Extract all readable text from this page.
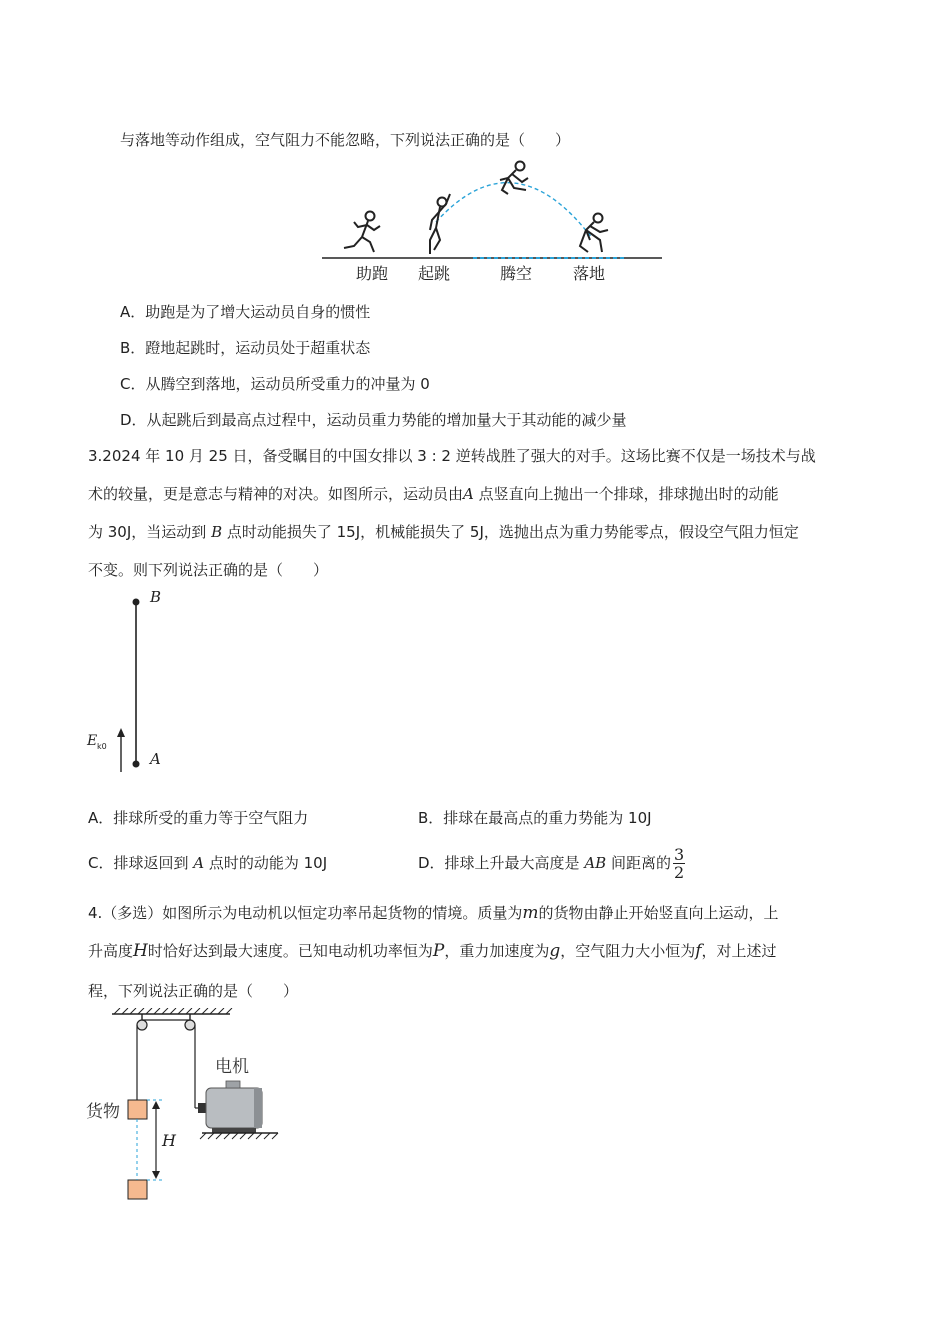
与落地等动作组成，空气阻力不能忽略，下列说法正确的是（　　）
助跑 起跳	腾空	落地
A．助跑是为了增大运动员自身的惯性
B．蹬地起跳时，运动员处于超重状态
C．从腾空到落地，运动员所受重力的冲量为 0
D．从起跳后到最高点过程中，运动员重力势能的增加量大于其动能的减少量
3.2024 年 10 月 25 日，备受瞩目的中国女排以 3 : 2 逆转战胜了强大的对手。这场比赛不仅是一场技术与战
术的较量，更是意志与精神的对决。如图所示，运动员由A 点竖直向上抛出一个排球，排球抛出时的动能
为 30J，当运动到 B 点时动能损失了 15J，机械能损失了 5J，选抛出点为重力势能零点，假设空气阻力恒定
不变。则下列说法正确的是（　　）
B
A
E k0
A．排球所受的重力等于空气阻力	B．排球在最高点的重力势能为 10J
C．排球返回到 A 点时的动能为 10J	D．排球上升最大高度是 AB 间距离的 $\frac{3}{2}$
4.（多选）如图所示为电动机以恒定功率吊起货物的情境。质量为m的货物由静止开始竖直向上运动，上
升高度H时恰好达到最大速度。已知电动机功率恒为P，重力加速度为g，空气阻力大小恒为f，对上述过
程，下列说法正确的是（　　）
H
电机
货物
